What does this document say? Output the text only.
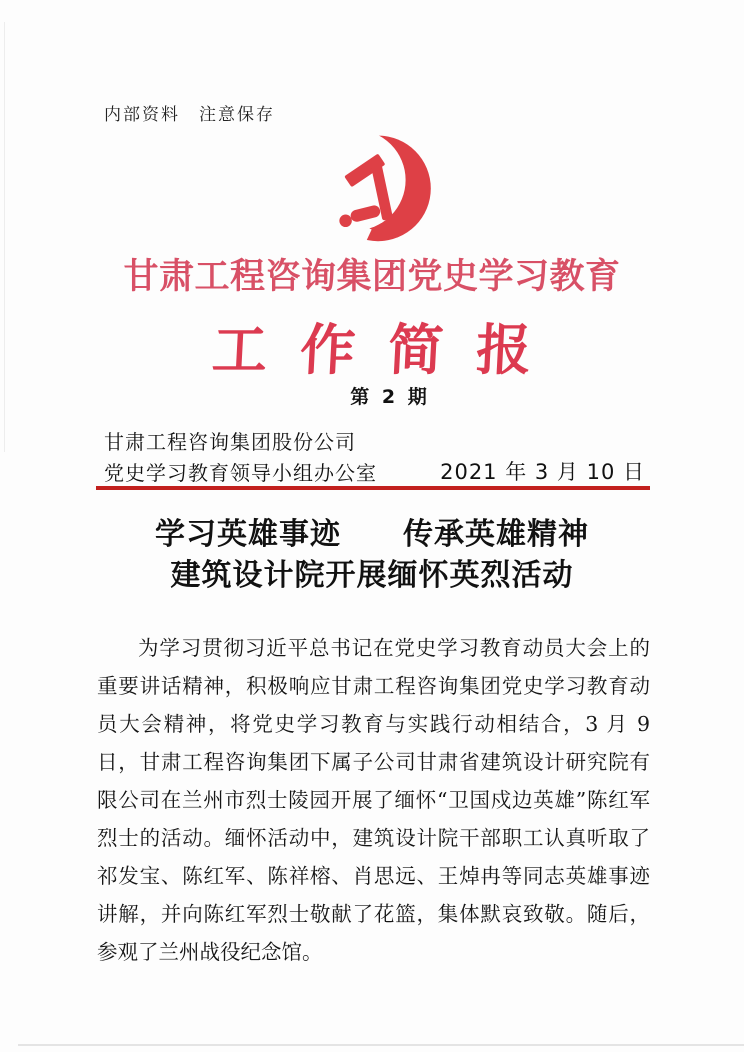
内部资料　注意保存
甘肃工程咨询集团党史学习教育
工作简报
第 2 期
甘肃工程咨询集团股份公司
党史学习教育领导小组办公室	2021 年 3 月 10 日
学习英雄事迹　　传承英雄精神
建筑设计院开展缅怀英烈活动

为学习贯彻习近平总书记在党史学习教育动员大会上的重要讲话精神，积极响应甘肃工程咨询集团党史学习教育动员大会精神，将党史学习教育与实践行动相结合，3 月 9 日，甘肃工程咨询集团下属子公司甘肃省建筑设计研究院有限公司在兰州市烈士陵园开展了缅怀“卫国戍边英雄”陈红军烈士的活动。缅怀活动中，建筑设计院干部职工认真听取了祁发宝、陈红军、陈祥榕、肖思远、王焯冉等同志英雄事迹讲解，并向陈红军烈士敬献了花篮，集体默哀致敬。随后，参观了兰州战役纪念馆。
